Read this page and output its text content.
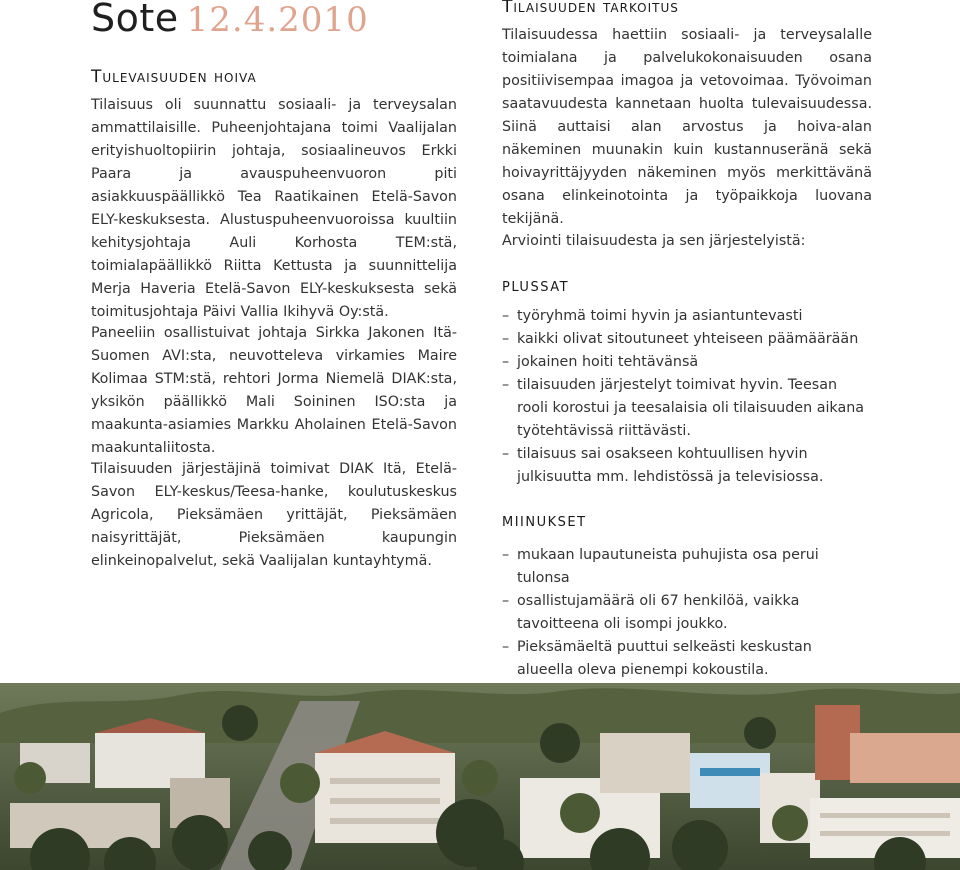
Sote 12.4.2010
Tulevaisuuden hoiva

Tilaisuus oli suunnattu sosiaali- ja terveysalan ammattilaisille. Puheenjohtajana toimi Vaalijalan erityishuoltopiirin johtaja, sosiaalineuvos Erkki Paara ja avauspuheenvuoron piti asiakkuuspäällikkö Tea Raatikainen Etelä-Savon ELY-keskuksesta. Alustuspuheenvuoroissa kuultiin kehitysjohtaja Auli Korhosta TEM:stä, toimialapäällikkö Riitta Kettusta ja suunnittelija Merja Haveria Etelä-Savon ELY-keskuksesta sekä toimitusjohtaja Päivi Vallia Ikihyvä Oy:stä.

Paneeliin osallistuivat johtaja Sirkka Jakonen Itä-Suomen AVI:sta, neuvotteleva virkamies Maire Kolimaa STM:stä, rehtori Jorma Niemelä DIAK:sta, yksikön päällikkö Mali Soininen ISO:sta ja maakunta-asiamies Markku Aholainen Etelä-Savon maakuntaliitosta.

Tilaisuuden järjestäjinä toimivat DIAK Itä, Etelä-Savon ELY-keskus/Teesa-hanke, koulutuskeskus Agricola, Pieksämäen yrittäjät, Pieksämäen naisyrittäjät, Pieksämäen kaupungin elinkeinopalvelut, sekä Vaalijalan kuntayhtymä.

Tilaisuuden tarkoitus

Tilaisuudessa haettiin sosiaali- ja terveysalalle toimialana ja palvelukokonaisuuden osana positiivisempaa imagoa ja vetovoimaa. Työvoiman saatavuudesta kannetaan huolta tulevaisuudessa. Siinä auttaisi alan arvostus ja hoiva-alan näkeminen muunakin kuin kustannuseränä sekä hoivayrittäjyyden näkeminen myös merkittävänä osana elinkeinotointa ja työpaikkoja luovana tekijänä.

Arviointi tilaisuudesta ja sen järjestelyistä:

PLUSSAT
– työryhmä toimi hyvin ja asiantuntevasti
– kaikki olivat sitoutuneet yhteiseen päämäärään
– jokainen hoiti tehtävänsä
– tilaisuuden järjestelyt toimivat hyvin. Teesan rooli korostui ja teesalaisia oli tilaisuuden aikana työtehtävissä riittävästi.
– tilaisuus sai osakseen kohtuullisen hyvin julkisuutta mm. lehdistössä ja televisiossa.
MIINUKSET
– mukaan lupautuneista puhujista osa perui tulonsa
– osallistujamäärä oli 67 henkilöä, vaikka tavoitteena oli isompi joukko.
– Pieksämäeltä puuttui selkeästi keskustan alueella oleva pienempi kokoustila.
